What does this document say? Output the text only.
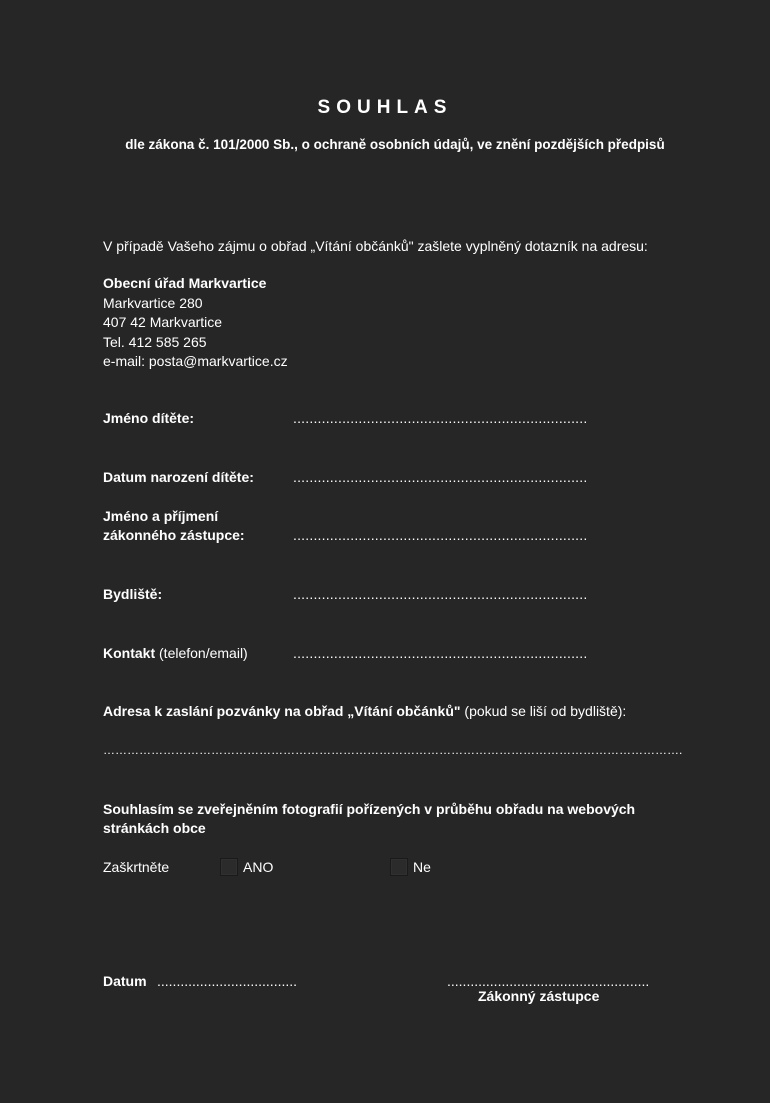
SOUHLAS
dle zákona č. 101/2000 Sb., o ochraně osobních údajů, ve znění pozdějších předpisů
V případě Vašeho zájmu o obřad „Vítání občánků" zašlete vyplněný dotazník na adresu:
Obecní úřad Markvartice
Markvartice 280
407 42 Markvartice
Tel. 412 585 265
e-mail: posta@markvartice.cz
Jméno dítěte:	........................................................................
Datum narození dítěte:	........................................................................
Jméno a příjmení
zákonného zástupce:	........................................................................
Bydliště:	........................................................................
Kontakt (telefon/email)	........................................................................
Adresa k zaslání pozvánky na obřad „Vítání občánků" (pokud se liší od bydliště):
……………………………………………………………………………………………………………………………….
Souhlasím se zveřejněním fotografií pořízených v průběhu obřadu na webových
stránkách obce
Zaškrtněte	ANO	Ne
Datum ....................................	....................................................
Zákonný zástupce
